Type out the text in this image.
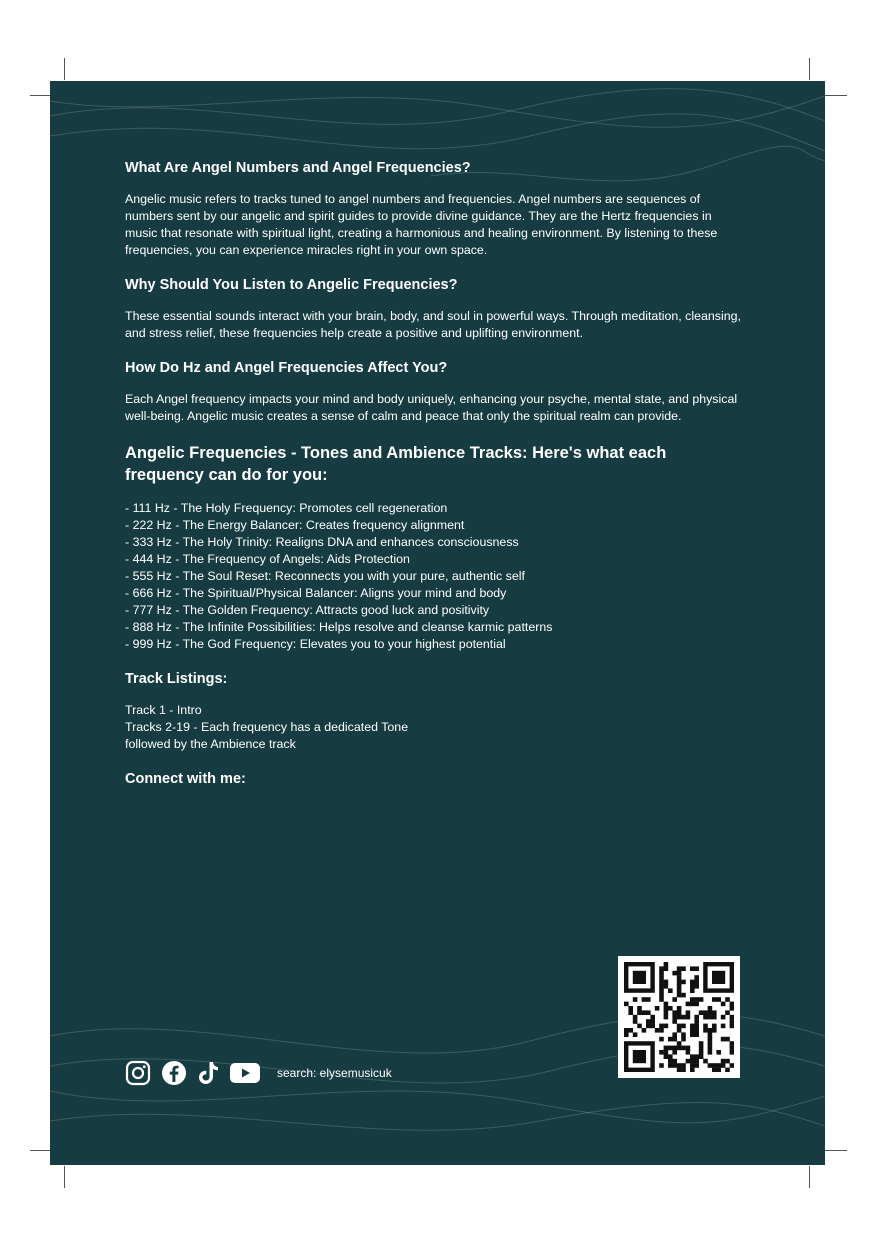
What Are Angel Numbers and Angel Frequencies?

Angelic music refers to tracks tuned to angel numbers and frequencies. Angel numbers are sequences of numbers sent by our angelic and spirit guides to provide divine guidance. They are the Hertz frequencies in music that resonate with spiritual light, creating a harmonious and healing environment. By listening to these frequencies, you can experience miracles right in your own space.

Why Should You Listen to Angelic Frequencies?

These essential sounds interact with your brain, body, and soul in powerful ways. Through meditation, cleansing, and stress relief, these frequencies help create a positive and uplifting environment.

How Do Hz and Angel Frequencies Affect You?

Each Angel frequency impacts your mind and body uniquely, enhancing your psyche, mental state, and physical well-being. Angelic music creates a sense of calm and peace that only the spiritual realm can provide.

Angelic Frequencies - Tones and Ambience Tracks: Here's what each frequency can do for you:
- 111 Hz - The Holy Frequency: Promotes cell regeneration
- 222 Hz - The Energy Balancer: Creates frequency alignment
- 333 Hz - The Holy Trinity: Realigns DNA and enhances consciousness
- 444 Hz - The Frequency of Angels: Aids Protection
- 555 Hz - The Soul Reset: Reconnects you with your pure, authentic self
- 666 Hz - The Spiritual/Physical Balancer: Aligns your mind and body
- 777 Hz - The Golden Frequency: Attracts good luck and positivity
- 888 Hz - The Infinite Possibilities: Helps resolve and cleanse karmic patterns
- 999 Hz - The God Frequency: Elevates you to your highest potential
Track Listings:

Track 1 - Intro

Tracks 2-19 - Each frequency has a dedicated Tone

followed by the Ambience track

Connect with me:
search: elysemusicuk
